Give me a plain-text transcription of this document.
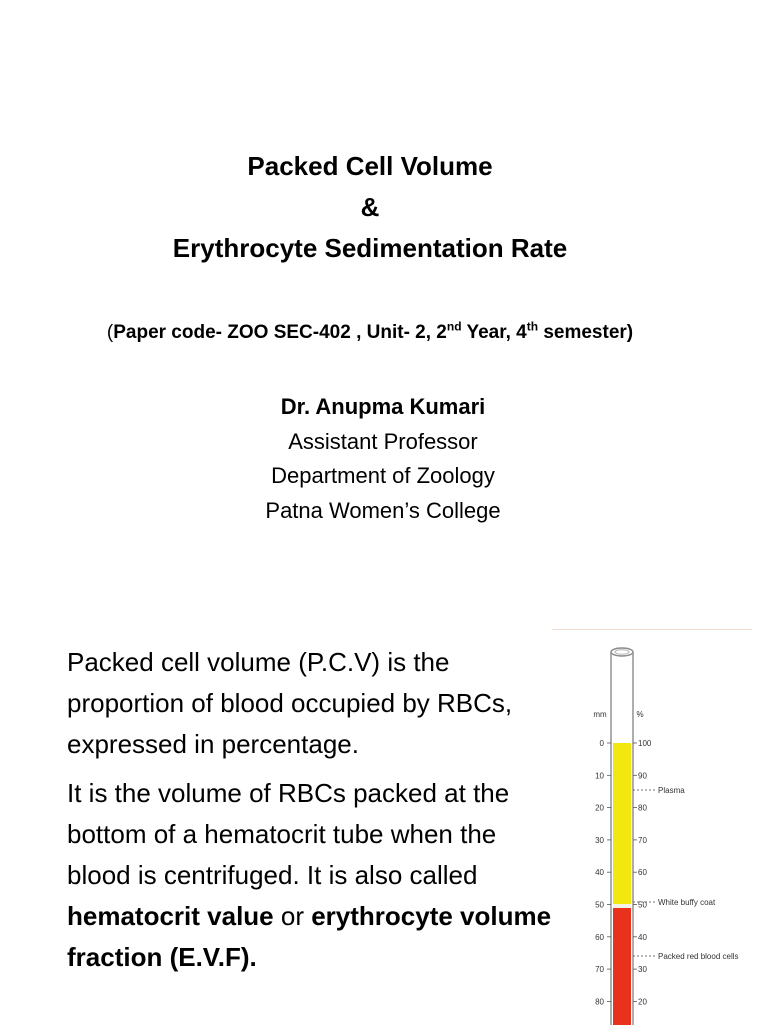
Packed Cell Volume
&
Erythrocyte Sedimentation Rate
(Paper code- ZOO SEC-402 , Unit- 2, 2nd Year, 4th semester)
Dr. Anupma Kumari
Assistant Professor
Department of Zoology
Patna Women’s College

Packed cell volume (P.C.V) is the proportion of blood occupied by RBCs, expressed in percentage.

It is the volume of RBCs packed at the bottom of a hematocrit tube when the blood is centrifuged. It is also called hematocrit value or erythrocyte volume fraction (E.V.F).

mm	%
0
10
20
30
40
50
60
70
80
100
90
80
70
60
50
40
30
20
Plasma
White buffy coat
Packed red blood cells
